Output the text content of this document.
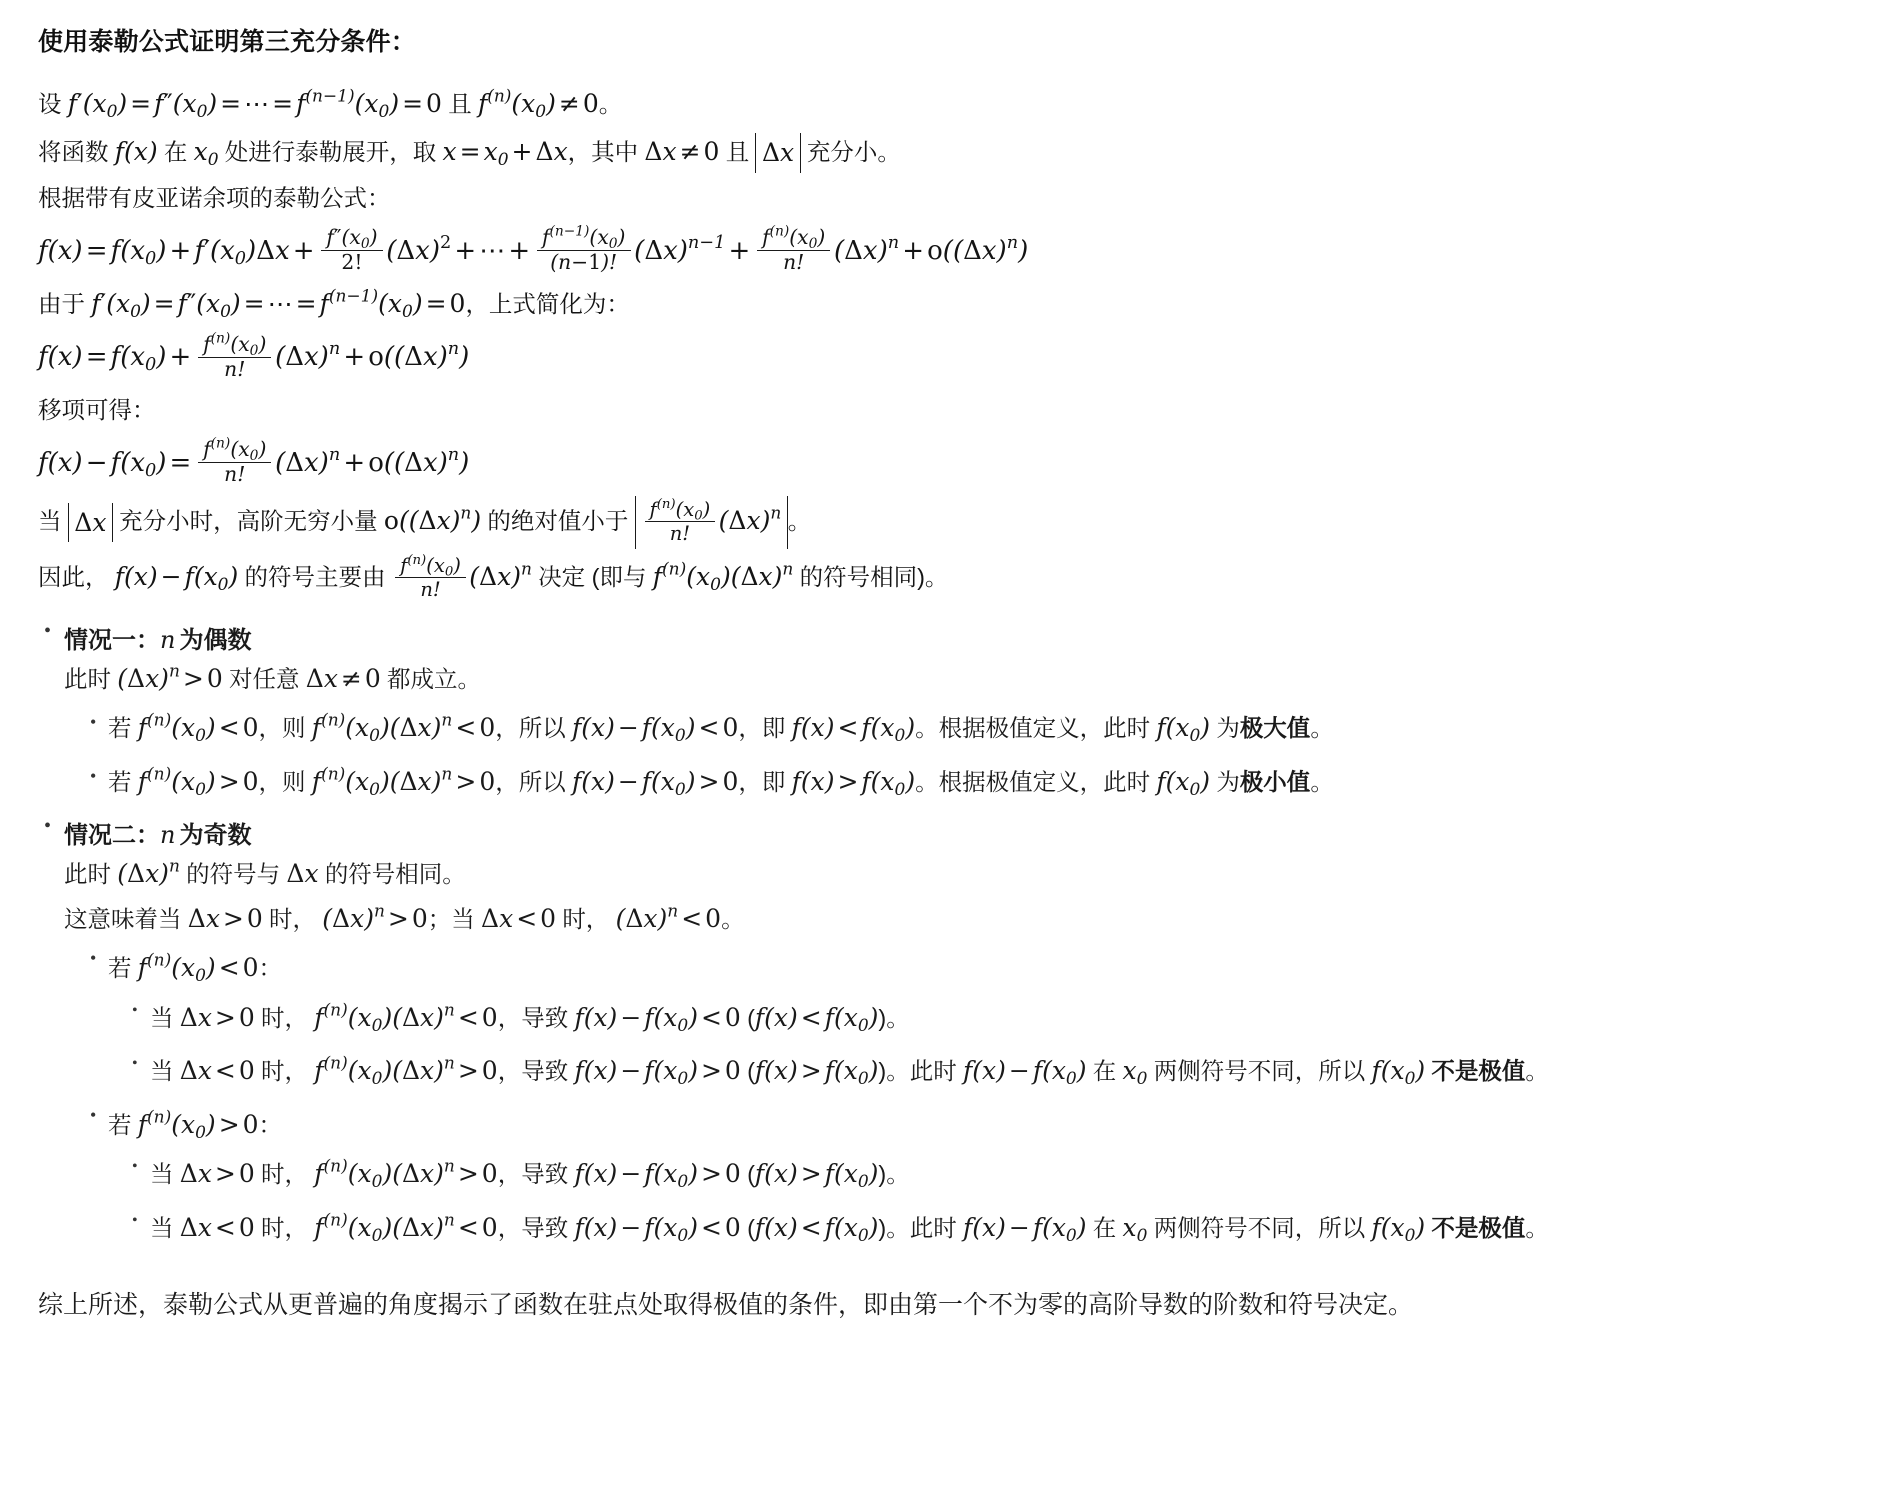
使用泰勒公式证明第三充分条件：

设 $f'(x_0) = f''(x_0)$ = ⋯ = $f^{(n-1)}(x_0) = 0$ 且 $f^{(n)}(x_0) \ne 0$。

将函数 f(x) 在 $x_0$ 处进行泰勒展开，取 $x = x_0 + \Delta x$，其中 Δx ≠ 0 且 Δx 充分小。

根据带有皮亚诺余项的泰勒公式：

$f(x) = f(x_0) + f'(x_0)\Delta x + \frac{f''(x_0)}{2!} (\Delta x)^2$ + ⋯ + $\frac{f^{(n-1)}(x_0)}{(n-1)!} (\Delta x)^{n-1} + \frac{f^{(n)}(x_0)}{n!} (\Delta x)^n + o((\Delta x)^n)$

由于 $f'(x_0) = f''(x_0)$ = ⋯ = $f^{(n-1)}(x_0) = 0$，上式简化为：

$f(x) = f(x_0) + \frac{f^{(n)}(x_0)}{n!} (\Delta x)^n + o((\Delta x)^n)$

移项可得：

$f(x) - f(x_0) = \frac{f^{(n)}(x_0)}{n!} (\Delta x)^n + o((\Delta x)^n)$

当 Δx 充分小时，高阶无穷小量 $o((\Delta x)^n)$ 的绝对值小于 $\frac{f^{(n)}(x_0)}{n!} (\Delta x)^n$ 。

因此， $f(x) - f(x_0)$ 的符号主要由 $\frac{f^{(n)}(x_0)}{n!} (\Delta x)^n$ 决定 (即与 $f^{(n)}(x_0)(\Delta x)^n$ 的符号相同)。

• 情况一：n 为偶数
此时 $(\Delta x)^n > 0$ 对任意 Δx ≠ 0 都成立。
• 若 $f^{(n)}(x_0) < 0$，则 $f^{(n)}(x_0)(\Delta x)^n < 0$，所以 $f(x) - f(x_0) < 0$，即 $f(x) < f(x_0)$。根据极值定义，此时 $f(x_0)$ 为极大值。
• 若 $f^{(n)}(x_0) > 0$，则 $f^{(n)}(x_0)(\Delta x)^n > 0$，所以 $f(x) - f(x_0) > 0$，即 $f(x) > f(x_0)$。根据极值定义，此时 $f(x_0)$ 为极小值。
• 情况二：n 为奇数
此时 $(\Delta x)^n$ 的符号与 Δx 的符号相同。
这意味着当 Δx > 0 时， $(\Delta x)^n > 0$；当 Δx < 0 时， $(\Delta x)^n < 0$。
• 若 $f^{(n)}(x_0) < 0$：
• 当 Δx > 0 时， $f^{(n)}(x_0)(\Delta x)^n < 0$，导致 $f(x) - f(x_0) < 0$ $(f(x) < f(x_0))$。
• 当 Δx < 0 时， $f^{(n)}(x_0)(\Delta x)^n > 0$，导致 $f(x) - f(x_0) > 0$ $(f(x) > f(x_0))$。此时 $f(x) - f(x_0)$ 在 $x_0$ 两侧符号不同，所以 $f(x_0)$ 不是极值。
• 若 $f^{(n)}(x_0) > 0$：
• 当 Δx > 0 时， $f^{(n)}(x_0)(\Delta x)^n > 0$，导致 $f(x) - f(x_0) > 0$ $(f(x) > f(x_0))$。
• 当 Δx < 0 时， $f^{(n)}(x_0)(\Delta x)^n < 0$，导致 $f(x) - f(x_0) < 0$ $(f(x) < f(x_0))$。此时 $f(x) - f(x_0)$ 在 $x_0$ 两侧符号不同，所以 $f(x_0)$ 不是极值。

综上所述，泰勒公式从更普遍的角度揭示了函数在驻点处取得极值的条件，即由第一个不为零的高阶导数的阶数和符号决定。
